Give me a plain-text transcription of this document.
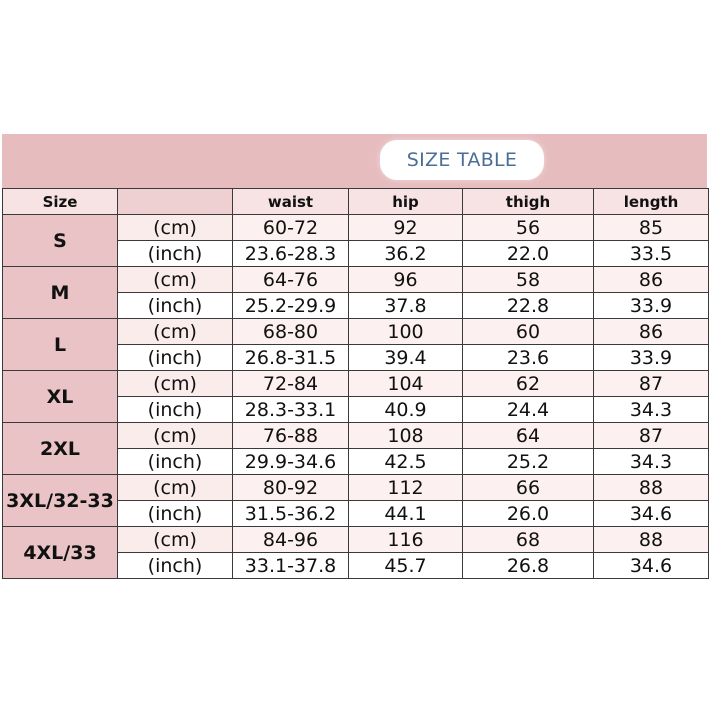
SIZE TABLE
Size		waist	hip	thigh	length
S	(cm)	60-72	92	56	85
	(inch)	23.6-28.3	36.2	22.0	33.5
M	(cm)	64-76	96	58	86
	(inch)	25.2-29.9	37.8	22.8	33.9
L	(cm)	68-80	100	60	86
	(inch)	26.8-31.5	39.4	23.6	33.9
XL	(cm)	72-84	104	62	87
	(inch)	28.3-33.1	40.9	24.4	34.3
2XL	(cm)	76-88	108	64	87
	(inch)	29.9-34.6	42.5	25.2	34.3
3XL/32-33	(cm)	80-92	112	66	88
	(inch)	31.5-36.2	44.1	26.0	34.6
4XL/33	(cm)	84-96	116	68	88
	(inch)	33.1-37.8	45.7	26.8	34.6
